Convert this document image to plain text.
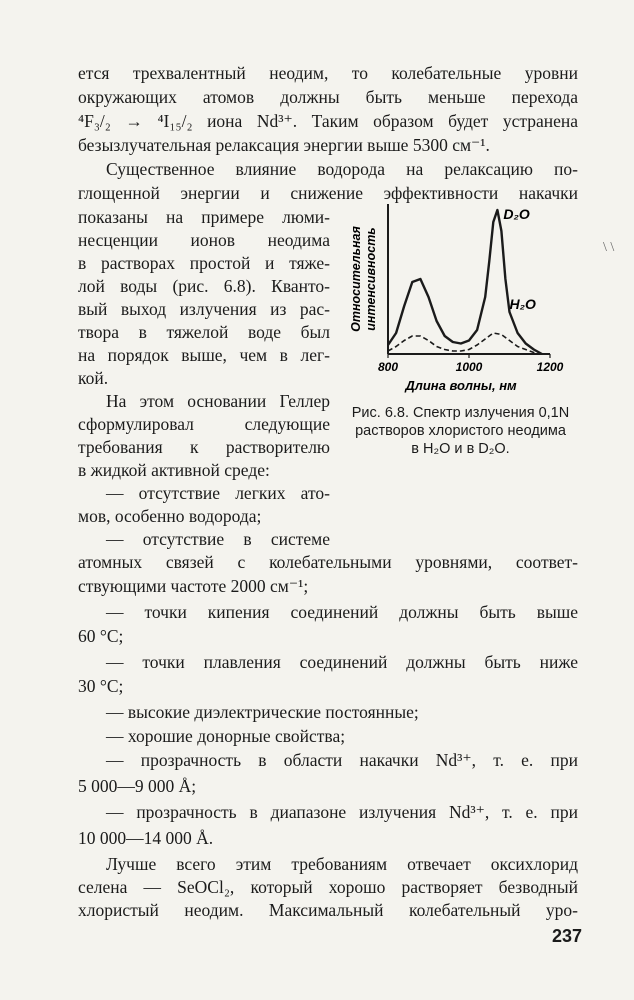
ется трехвалентный неодим, то колебательные уровни
окружающих атомов должны быть меньше перехода
⁴F₃/₂ → ⁴I₁₅/₂ иона Nd³⁺. Таким образом будет устранена
безызлучательная релаксация энергии выше 5300 см⁻¹.
Существенное влияние водорода на релаксацию по-
глощенной энергии и снижение эффективности накачки
показаны на примере люми-
несценции ионов неодима
в растворах простой и тяже-
лой воды (рис. 6.8). Кванто-
вый выход излучения из рас-
твора в тяжелой воде был
на порядок выше, чем в лег-
кой.
На этом основании Геллер
сформулировал следующие
требования к растворителю
в жидкой активной среде:
— отсутствие легких ато-
мов, особенно водорода;
— отсутствие в системе
атомных связей с колебательными уровнями, соответ-
ствующими частоте 2000 см⁻¹;
— точки кипения соединений должны быть выше
60 °C;
— точки плавления соединений должны быть ниже
30 °C;
— высокие диэлектрические постоянные;
— хорошие донорные свойства;
— прозрачность в области накачки Nd³⁺, т. е. при
5 000—9 000 Å;
— прозрачность в диапазоне излучения Nd³⁺, т. е. при
10 000—14 000 Å.
Лучше всего этим требованиям отвечает оксихлорид
селена — SeOCl₂, который хорошо растворяет безводный
хлористый неодим. Максимальный колебательный уро-
237
\ \
800	1000	1200
Длина волны, нм
Относительная интенсивность
D₂O
H₂O
Рис. 6.8. Спектр излучения 0,1N
растворов хлористого неодима
в H₂O и в D₂O.
